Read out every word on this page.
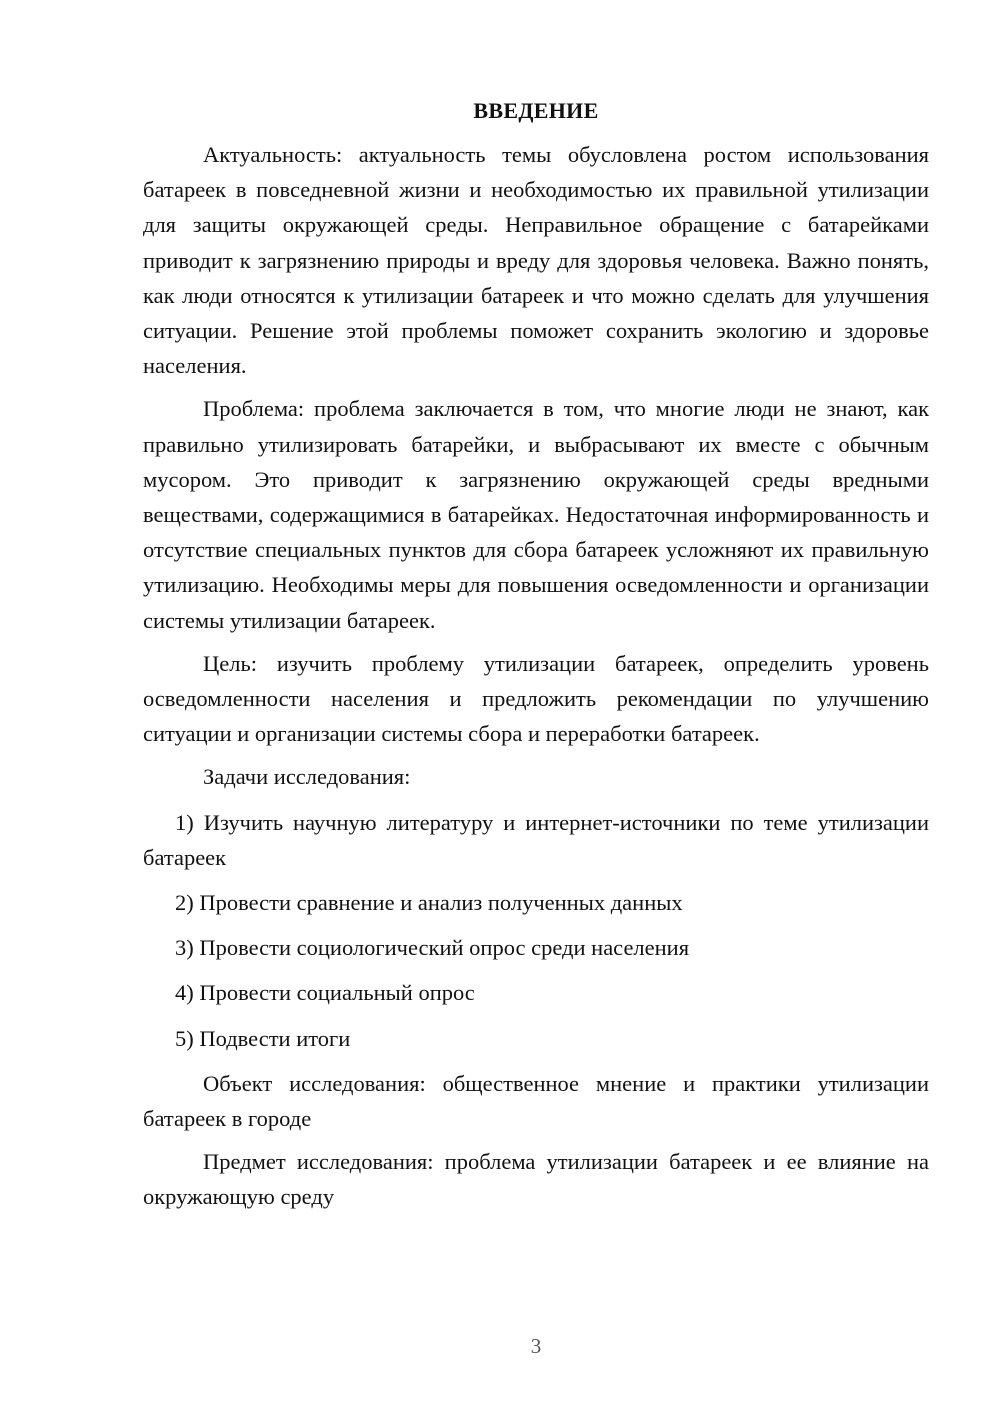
ВВЕДЕНИЕ

Актуальность: актуальность темы обусловлена ростом использования батареек в повседневной жизни и необходимостью их правильной утилизации для защиты окружающей среды. Неправильное обращение с батарейками приводит к загрязнению природы и вреду для здоровья человека. Важно понять, как люди относятся к утилизации батареек и что можно сделать для улучшения ситуации. Решение этой проблемы поможет сохранить экологию и здоровье населения.

Проблема: проблема заключается в том, что многие люди не знают, как правильно утилизировать батарейки, и выбрасывают их вместе с обычным мусором. Это приводит к загрязнению окружающей среды вредными веществами, содержащимися в батарейках. Недостаточная информированность и отсутствие специальных пунктов для сбора батареек усложняют их правильную утилизацию. Необходимы меры для повышения осведомленности и организации системы утилизации батареек.

Цель: изучить проблему утилизации батареек, определить уровень осведомленности населения и предложить рекомендации по улучшению ситуации и организации системы сбора и переработки батареек.

Задачи исследования:

1) Изучить научную литературу и интернет-источники по теме утилизации батареек

2) Провести сравнение и анализ полученных данных

3) Провести социологический опрос среди населения

4) Провести социальный опрос

5) Подвести итоги

Объект исследования: общественное мнение и практики утилизации батареек в городе

Предмет исследования: проблема утилизации батареек и ее влияние на окружающую среду

3
